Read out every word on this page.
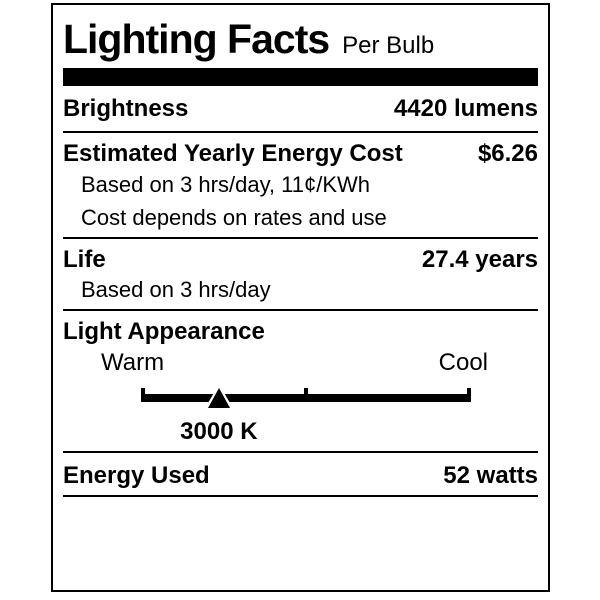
Lighting Facts Per Bulb
Brightness	4420 lumens
Estimated Yearly Energy Cost	$6.26
Based on 3 hrs/day, 11¢/KWh
Cost depends on rates and use
Life	27.4 years
Based on 3 hrs/day
Light Appearance
Warm	Cool
3000 K
Energy Used	52 watts
